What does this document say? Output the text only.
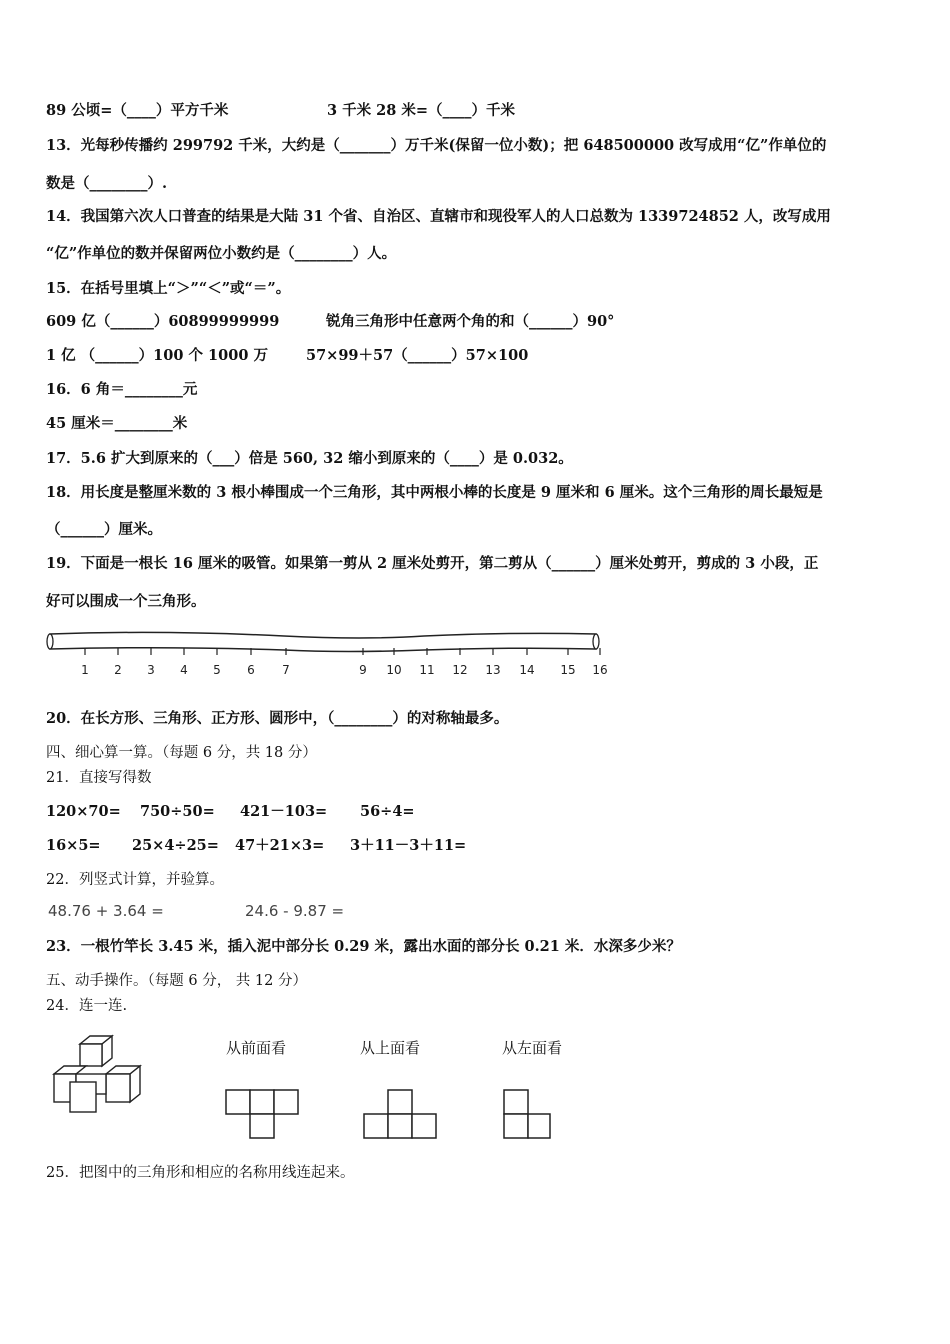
89 公顷=（____）平方千米	3 千米 28 米=（____）千米
13．光每秒传播约 299792 千米，大约是（_______）万千米(保留一位小数)；把 648500000 改写成用“亿”作单位的
数是（________）.
14．我国第六次人口普查的结果是大陆 31 个省、自治区、直辖市和现役军人的人口总数为 1339724852 人，改写成用
“亿”作单位的数并保留两位小数约是（________）人。
15．在括号里填上“＞”“＜”或“＝”。
609 亿（______）60899999999	锐角三角形中任意两个角的和（______）90°
1 亿 （______）100 个 1000 万	57×99＋57（______）57×100
16．6 角＝________元
45 厘米＝________米
17．5.6 扩大到原来的（___）倍是 560, 32 缩小到原来的（____）是 0.032。
18．用长度是整厘米数的 3 根小棒围成一个三角形，其中两根小棒的长度是 9 厘米和 6 厘米。这个三角形的周长最短是
（______）厘米。
19．下面是一根长 16 厘米的吸管。如果第一剪从 2 厘米处剪开，第二剪从（______）厘米处剪开，剪成的 3 小段，正
好可以围成一个三角形。
1 2 3 4 5 6 7	9 10 11 12 13 14 15 16
20．在长方形、三角形、正方形、圆形中，（________）的对称轴最多。
四、细心算一算。（每题 6 分，共 18 分）
21．直接写得数
120×70= 750÷50= 421－103= 56÷4=
16×5= 25×4÷25= 47＋21×3= 3＋11－3＋11=
22．列竖式计算，并验算。
48.76 + 3.64 =	24.6 - 9.87 =
23．一根竹竿长 3.45 米，插入泥中部分长 0.29 米，露出水面的部分长 0.21 米．水深多少米？
五、动手操作。（每题 6 分， 共 12 分）
24．连一连.
从前面看	从上面看	从左面看
25．把图中的三角形和相应的名称用线连起来。
